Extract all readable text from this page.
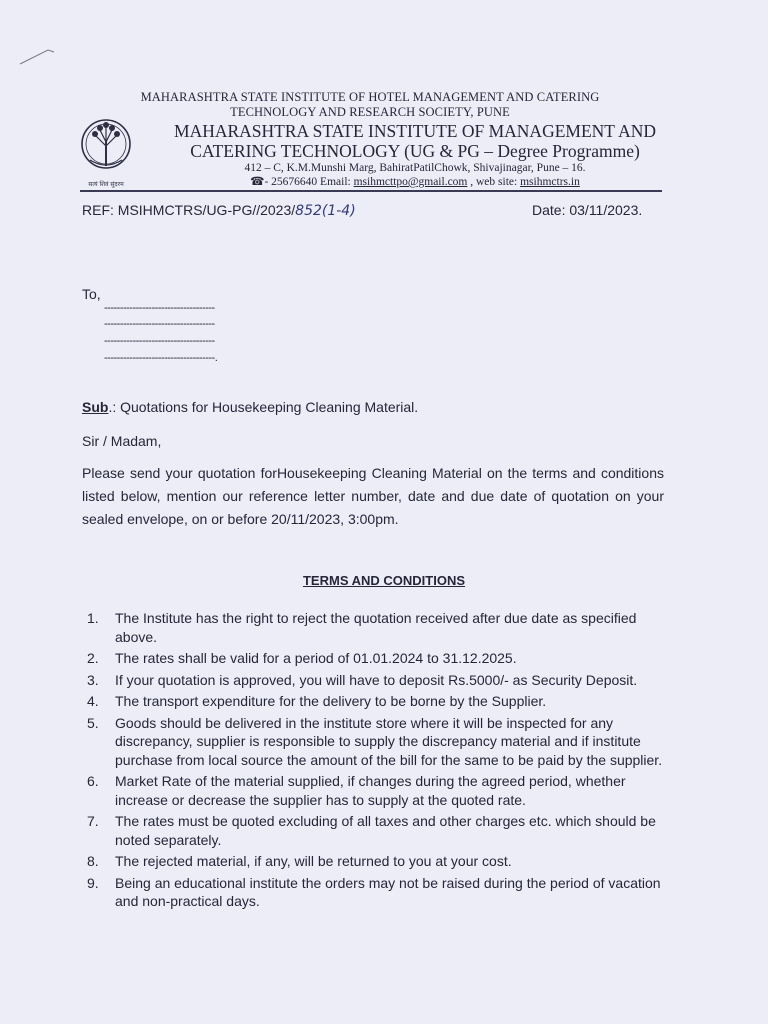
सत्यं शिवं सुंदरम
MAHARASHTRA STATE INSTITUTE OF HOTEL MANAGEMENT AND CATERING
TECHNOLOGY AND RESEARCH SOCIETY, PUNE
MAHARASHTRA STATE INSTITUTE OF MANAGEMENT AND
CATERING TECHNOLOGY (UG & PG – Degree Programme)
412 – C, K.M.Munshi Marg, BahiratPatilChowk, Shivajinagar, Pune – 16.
☎- 25676640 Email: msihmcttpo@gmail.com , web site: msihmctrs.in
REF: MSIHMCTRS/UG-PG//2023/852(1-4)	Date: 03/11/2023.
To,
-----------------------------------
-----------------------------------
-----------------------------------
-----------------------------------.
Sub.: Quotations for Housekeeping Cleaning Material.
Sir / Madam,
Please send your quotation forHousekeeping Cleaning Material on the terms and conditions listed below, mention our reference letter number, date and due date of quotation on your sealed envelope, on or before 20/11/2023, 3:00pm.
TERMS AND CONDITIONS
1. The Institute has the right to reject the quotation received after due date as specified above.
2. The rates shall be valid for a period of 01.01.2024 to 31.12.2025.
3. If your quotation is approved, you will have to deposit Rs.5000/- as Security Deposit.
4. The transport expenditure for the delivery to be borne by the Supplier.
5. Goods should be delivered in the institute store where it will be inspected for any discrepancy, supplier is responsible to supply the discrepancy material and if institute purchase from local source the amount of the bill for the same to be paid by the supplier.
6. Market Rate of the material supplied, if changes during the agreed period, whether increase or decrease the supplier has to supply at the quoted rate.
7. The rates must be quoted excluding of all taxes and other charges etc. which should be noted separately.
8. The rejected material, if any, will be returned to you at your cost.
9. Being an educational institute the orders may not be raised during the period of vacation and non-practical days.
